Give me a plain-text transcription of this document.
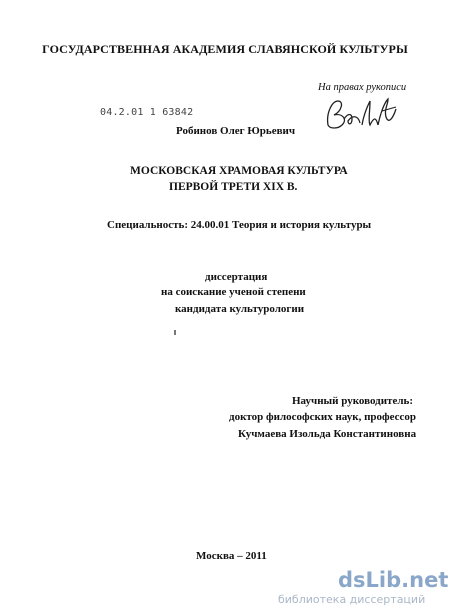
ГОСУДАРСТВЕННАЯ АКАДЕМИЯ СЛАВЯНСКОЙ КУЛЬТУРЫ
На правах рукописи
04.2.01 1 63842
Робинов Олег Юрьевич
МОСКОВСКАЯ ХРАМОВАЯ КУЛЬТУРА
ПЕРВОЙ ТРЕТИ XIX В.
Специальность: 24.00.01 Теория и история культуры
диссертация
на соискание ученой степени
кандидата культурологии
Научный руководитель:
доктор философских наук, профессор
Кучмаева Изольда Константиновна
Москва – 2011
dsLib.net
библиотека диссертаций
